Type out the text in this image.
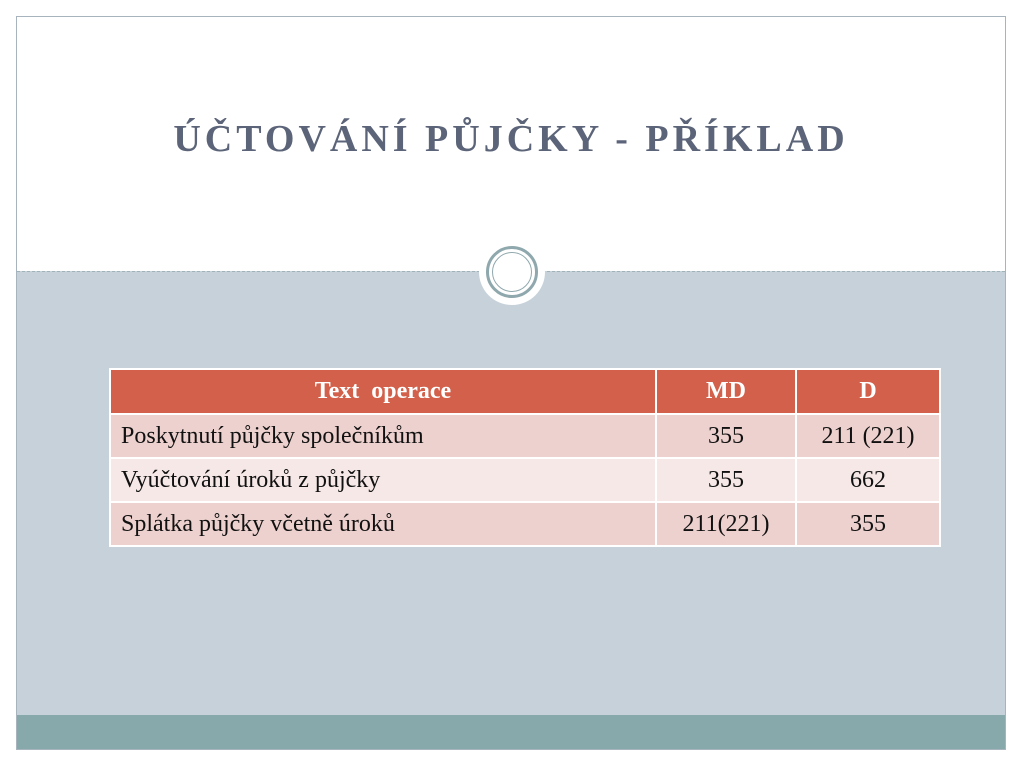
ÚČTOVÁNÍ PŮJČKY - PŘÍKLAD
Text  operace	MD	D
Poskytnutí půjčky společníkům	355	211 (221)
Vyúčtování úroků z půjčky	355	662
Splátka půjčky včetně úroků	211(221)	355
